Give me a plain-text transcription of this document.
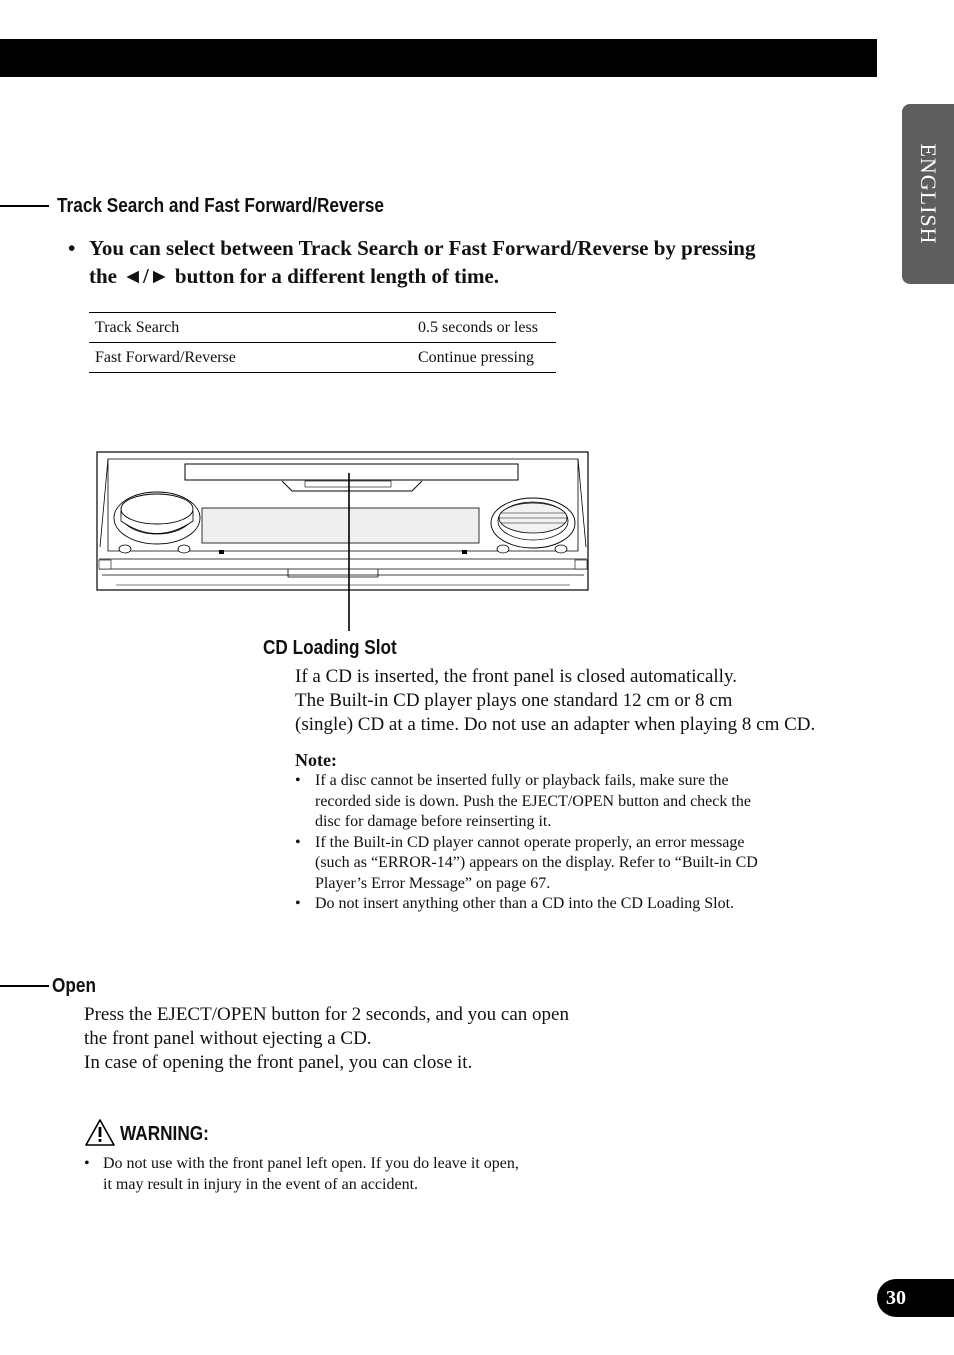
ENGLISH
Track Search and Fast Forward/Reverse
• You can select between Track Search or Fast Forward/Reverse by pressing
the ◄/► button for a different length of time.
Track Search	0.5 seconds or less
Fast Forward/Reverse	Continue pressing
CD Loading Slot
If a CD is inserted, the front panel is closed automatically.
The Built-in CD player plays one standard 12 cm or 8 cm
(single) CD at a time. Do not use an adapter when playing 8 cm CD.
Note:
• If a disc cannot be inserted fully or playback fails, make sure the
recorded side is down. Push the EJECT/OPEN button and check the
disc for damage before reinserting it.
• If the Built-in CD player cannot operate properly, an error message
(such as “ERROR-14”) appears on the display. Refer to “Built-in CD
Player’s Error Message” on page 67.
• Do not insert anything other than a CD into the CD Loading Slot.
Open
Press the EJECT/OPEN button for 2 seconds, and you can open
the front panel without ejecting a CD.
In case of opening the front panel, you can close it.
WARNING:
• Do not use with the front panel left open. If you do leave it open,
it may result in injury in the event of an accident.
30
